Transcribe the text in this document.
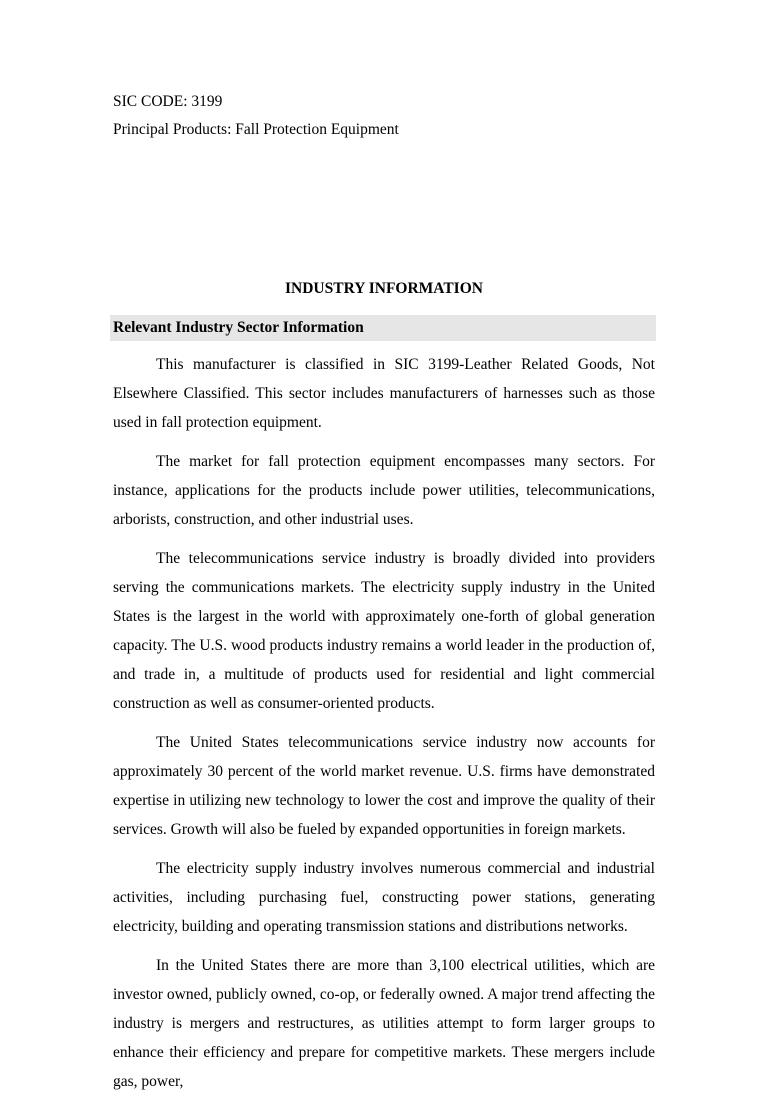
SIC CODE: 3199
Principal Products: Fall Protection Equipment
INDUSTRY INFORMATION
Relevant Industry Sector Information

This manufacturer is classified in SIC 3199-Leather Related Goods, Not Elsewhere Classified. This sector includes manufacturers of harnesses such as those used in fall protection equipment.

The market for fall protection equipment encompasses many sectors. For instance, applications for the products include power utilities, telecommunications, arborists, construction, and other industrial uses.

The telecommunications service industry is broadly divided into providers serving the communications markets. The electricity supply industry in the United States is the largest in the world with approximately one-forth of global generation capacity. The U.S. wood products industry remains a world leader in the production of, and trade in, a multitude of products used for residential and light commercial construction as well as consumer-oriented products.

The United States telecommunications service industry now accounts for approximately 30 percent of the world market revenue. U.S. firms have demonstrated expertise in utilizing new technology to lower the cost and improve the quality of their services. Growth will also be fueled by expanded opportunities in foreign markets.

The electricity supply industry involves numerous commercial and industrial activities, including purchasing fuel, constructing power stations, generating electricity, building and operating transmission stations and distributions networks.

In the United States there are more than 3,100 electrical utilities, which are investor owned, publicly owned, co-op, or federally owned. A major trend affecting the industry is mergers and restructures, as utilities attempt to form larger groups to enhance their efficiency and prepare for competitive markets. These mergers include gas, power,
